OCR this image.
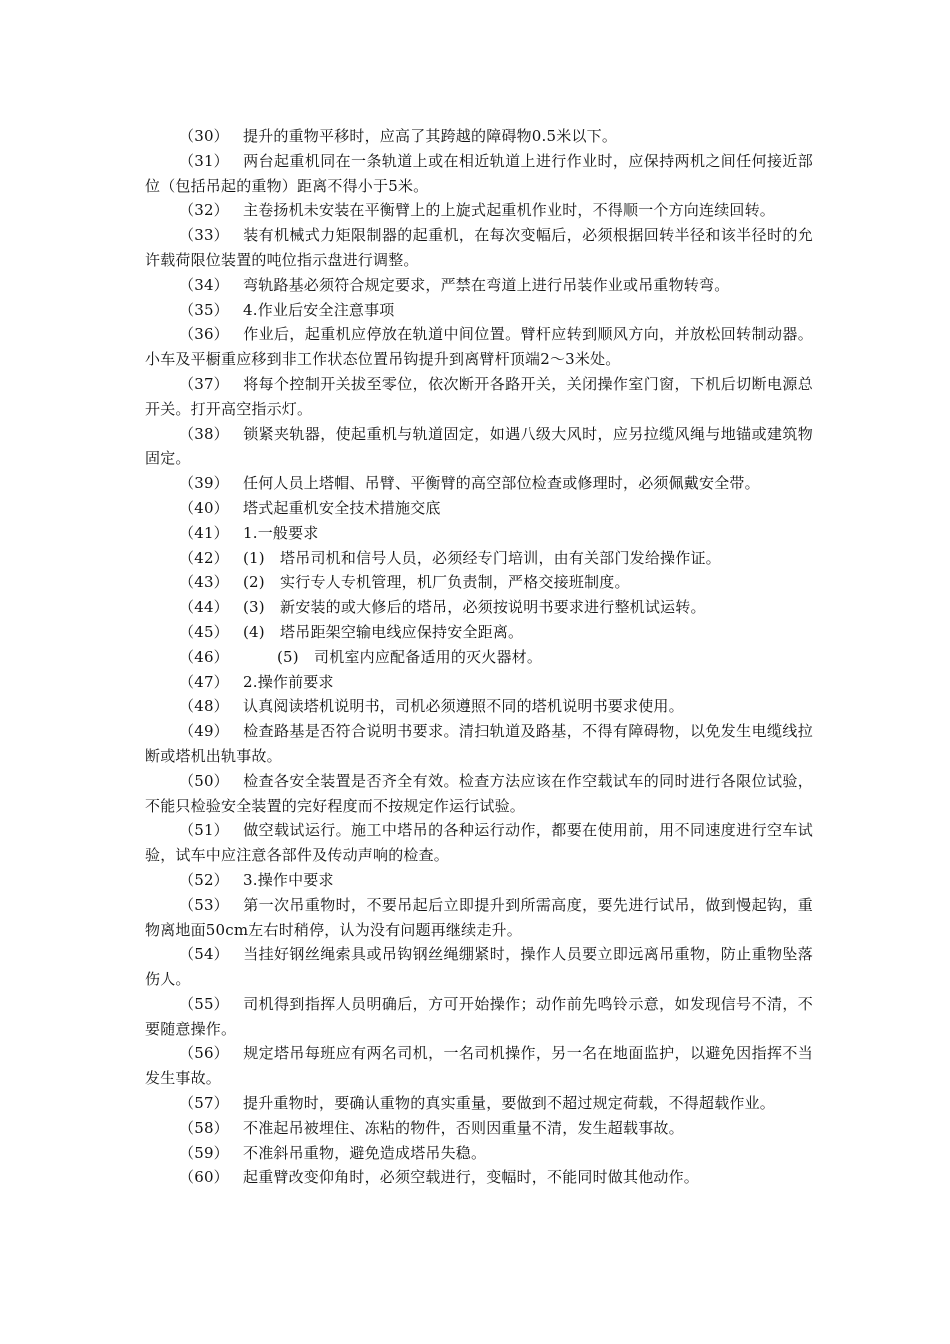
（30） 提升的重物平移时，应高了其跨越的障碍物0.5米以下。

（31） 两台起重机同在一条轨道上或在相近轨道上进行作业时，应保持两机之间任何接近部位（包括吊起的重物）距离不得小于5米。

（32） 主卷扬机未安装在平衡臂上的上旋式起重机作业时，不得顺一个方向连续回转。

（33） 装有机械式力矩限制器的起重机，在每次变幅后，必须根据回转半径和该半径时的允许载荷限位装置的吨位指示盘进行调整。

（34） 弯轨路基必须符合规定要求，严禁在弯道上进行吊装作业或吊重物转弯。

（35） 4.作业后安全注意事项

（36） 作业后，起重机应停放在轨道中间位置。臂杆应转到顺风方向，并放松回转制动器。小车及平橱重应移到非工作状态位置吊钩提升到离臂杆顶端2～3米处。

（37） 将每个控制开关拔至零位，依次断开各路开关，关闭操作室门窗，下机后切断电源总开关。打开高空指示灯。

（38） 锁紧夹轨器，使起重机与轨道固定，如遇八级大风时，应另拉缆风绳与地锚或建筑物固定。

（39） 任何人员上塔帽、吊臂、平衡臂的高空部位检查或修理时，必须佩戴安全带。

（40） 塔式起重机安全技术措施交底

（41） 1.一般要求

（42） (1)　塔吊司机和信号人员，必须经专门培训，由有关部门发给操作证。

（43） (2)　实行专人专机管理，机厂负责制，严格交接班制度。

（44） (3)　新安装的或大修后的塔吊，必须按说明书要求进行整机试运转。

（45） (4)　塔吊距架空输电线应保持安全距离。

（46）	(5)　司机室内应配备适用的灭火器材。

（47） 2.操作前要求

（48） 认真阅读塔机说明书，司机必须遵照不同的塔机说明书要求使用。

（49） 检查路基是否符合说明书要求。清扫轨道及路基，不得有障碍物，以免发生电缆线拉断或塔机出轨事故。

（50） 检查各安全装置是否齐全有效。检查方法应该在作空载试车的同时进行各限位试验，不能只检验安全装置的完好程度而不按规定作运行试验。

（51） 做空载试运行。施工中塔吊的各种运行动作，都要在使用前，用不同速度进行空车试验，试车中应注意各部件及传动声响的检查。

（52） 3.操作中要求

（53） 第一次吊重物时，不要吊起后立即提升到所需高度，要先进行试吊，做到慢起钩，重物离地面50cm左右时稍停，认为没有问题再继续走升。

（54） 当挂好钢丝绳索具或吊钩钢丝绳绷紧时，操作人员要立即远离吊重物，防止重物坠落伤人。

（55） 司机得到指挥人员明确后，方可开始操作；动作前先鸣铃示意，如发现信号不清，不要随意操作。

（56） 规定塔吊每班应有两名司机，一名司机操作，另一名在地面监护，以避免因指挥不当发生事故。

（57） 提升重物时，要确认重物的真实重量，要做到不超过规定荷载，不得超载作业。

（58） 不准起吊被埋住、冻粘的物件，否则因重量不清，发生超载事故。

（59） 不准斜吊重物，避免造成塔吊失稳。

（60） 起重臂改变仰角时，必须空载进行，变幅时，不能同时做其他动作。
